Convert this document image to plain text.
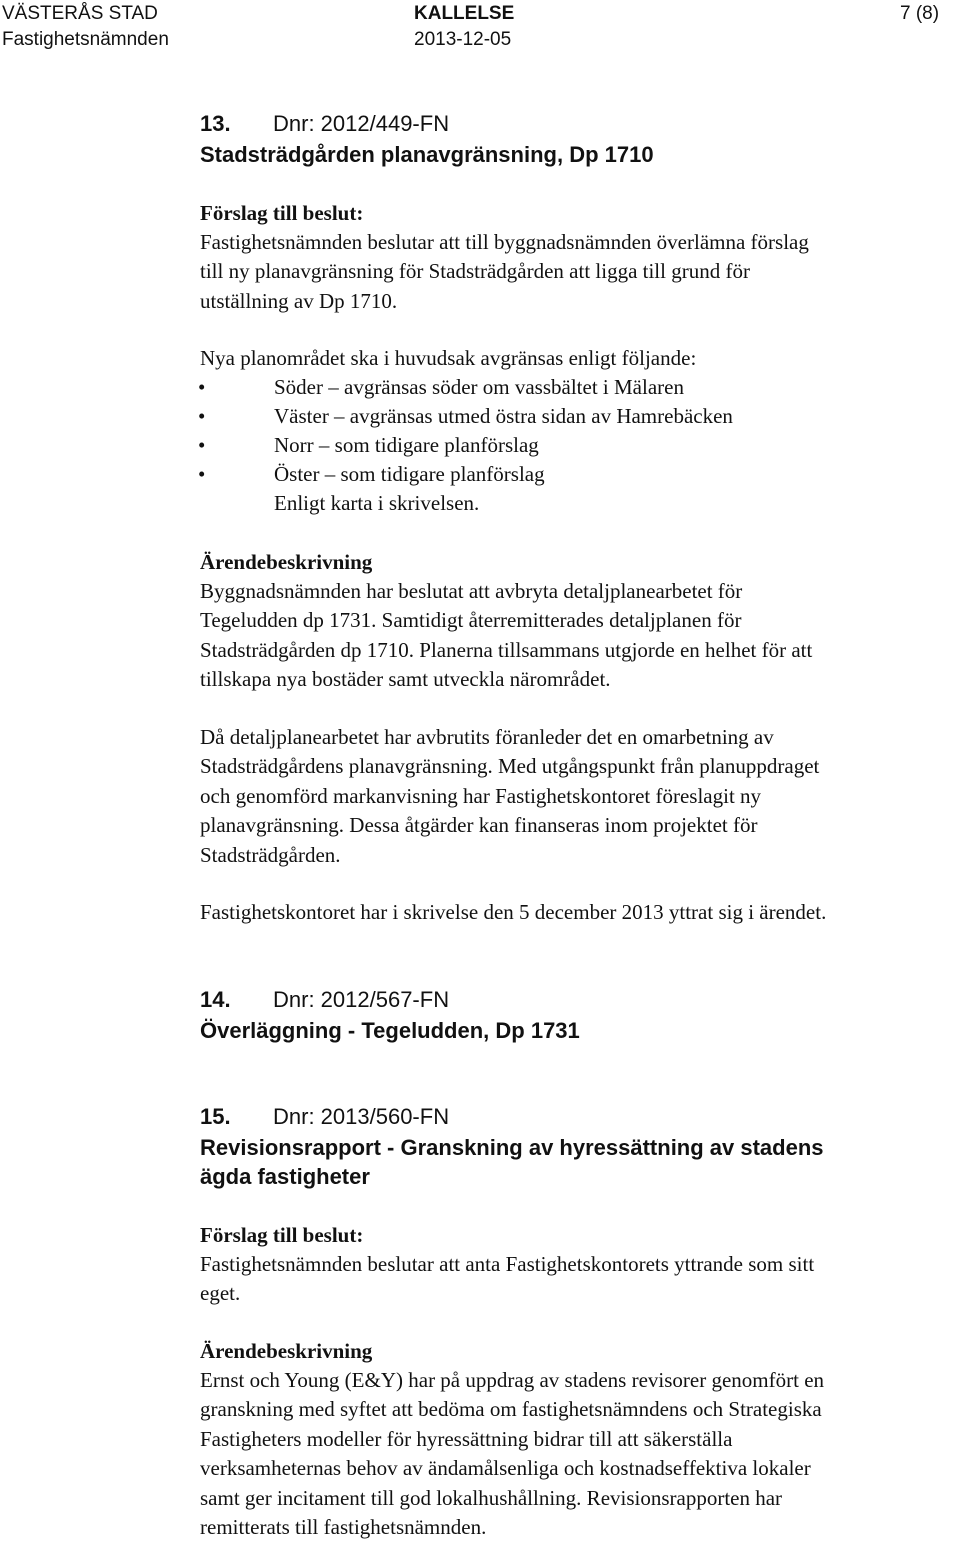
VÄSTERÅS STAD
Fastighetsnämnden
KALLELSE
2013-12-05
7 (8)
13. Dnr: 2012/449-FN
Stadsträdgården planavgränsning, Dp 1710
Förslag till beslut:
Fastighetsnämnden beslutar att till byggnadsnämnden överlämna förslag
till ny planavgränsning för Stadsträdgården att ligga till grund för
utställning av Dp 1710.
Nya planområdet ska i huvudsak avgränsas enligt följande:
•	Söder – avgränsas söder om vassbältet i Mälaren
•	Väster – avgränsas utmed östra sidan av Hamrebäcken
•	Norr – som tidigare planförslag
•	Öster – som tidigare planförslag
Enligt karta i skrivelsen.
Ärendebeskrivning
Byggnadsnämnden har beslutat att avbryta detaljplanearbetet för
Tegeludden dp 1731. Samtidigt återremitterades detaljplanen för
Stadsträdgården dp 1710. Planerna tillsammans utgjorde en helhet för att
tillskapa nya bostäder samt utveckla närområdet.
Då detaljplanearbetet har avbrutits föranleder det en omarbetning av
Stadsträdgårdens planavgränsning. Med utgångspunkt från planuppdraget
och genomförd markanvisning har Fastighetskontoret föreslagit ny
planavgränsning. Dessa åtgärder kan finanseras inom projektet för
Stadsträdgården.
Fastighetskontoret har i skrivelse den 5 december 2013 yttrat sig i ärendet.
14. Dnr: 2012/567-FN
Överläggning - Tegeludden, Dp 1731
15. Dnr: 2013/560-FN
Revisionsrapport - Granskning av hyressättning av stadens
ägda fastigheter
Förslag till beslut:
Fastighetsnämnden beslutar att anta Fastighetskontorets yttrande som sitt
eget.
Ärendebeskrivning
Ernst och Young (E&Y) har på uppdrag av stadens revisorer genomfört en
granskning med syftet att bedöma om fastighetsnämndens och Strategiska
Fastigheters modeller för hyressättning bidrar till att säkerställa
verksamheternas behov av ändamålsenliga och kostnadseffektiva lokaler
samt ger incitament till god lokalhushållning. Revisionsrapporten har
remitterats till fastighetsnämnden.
